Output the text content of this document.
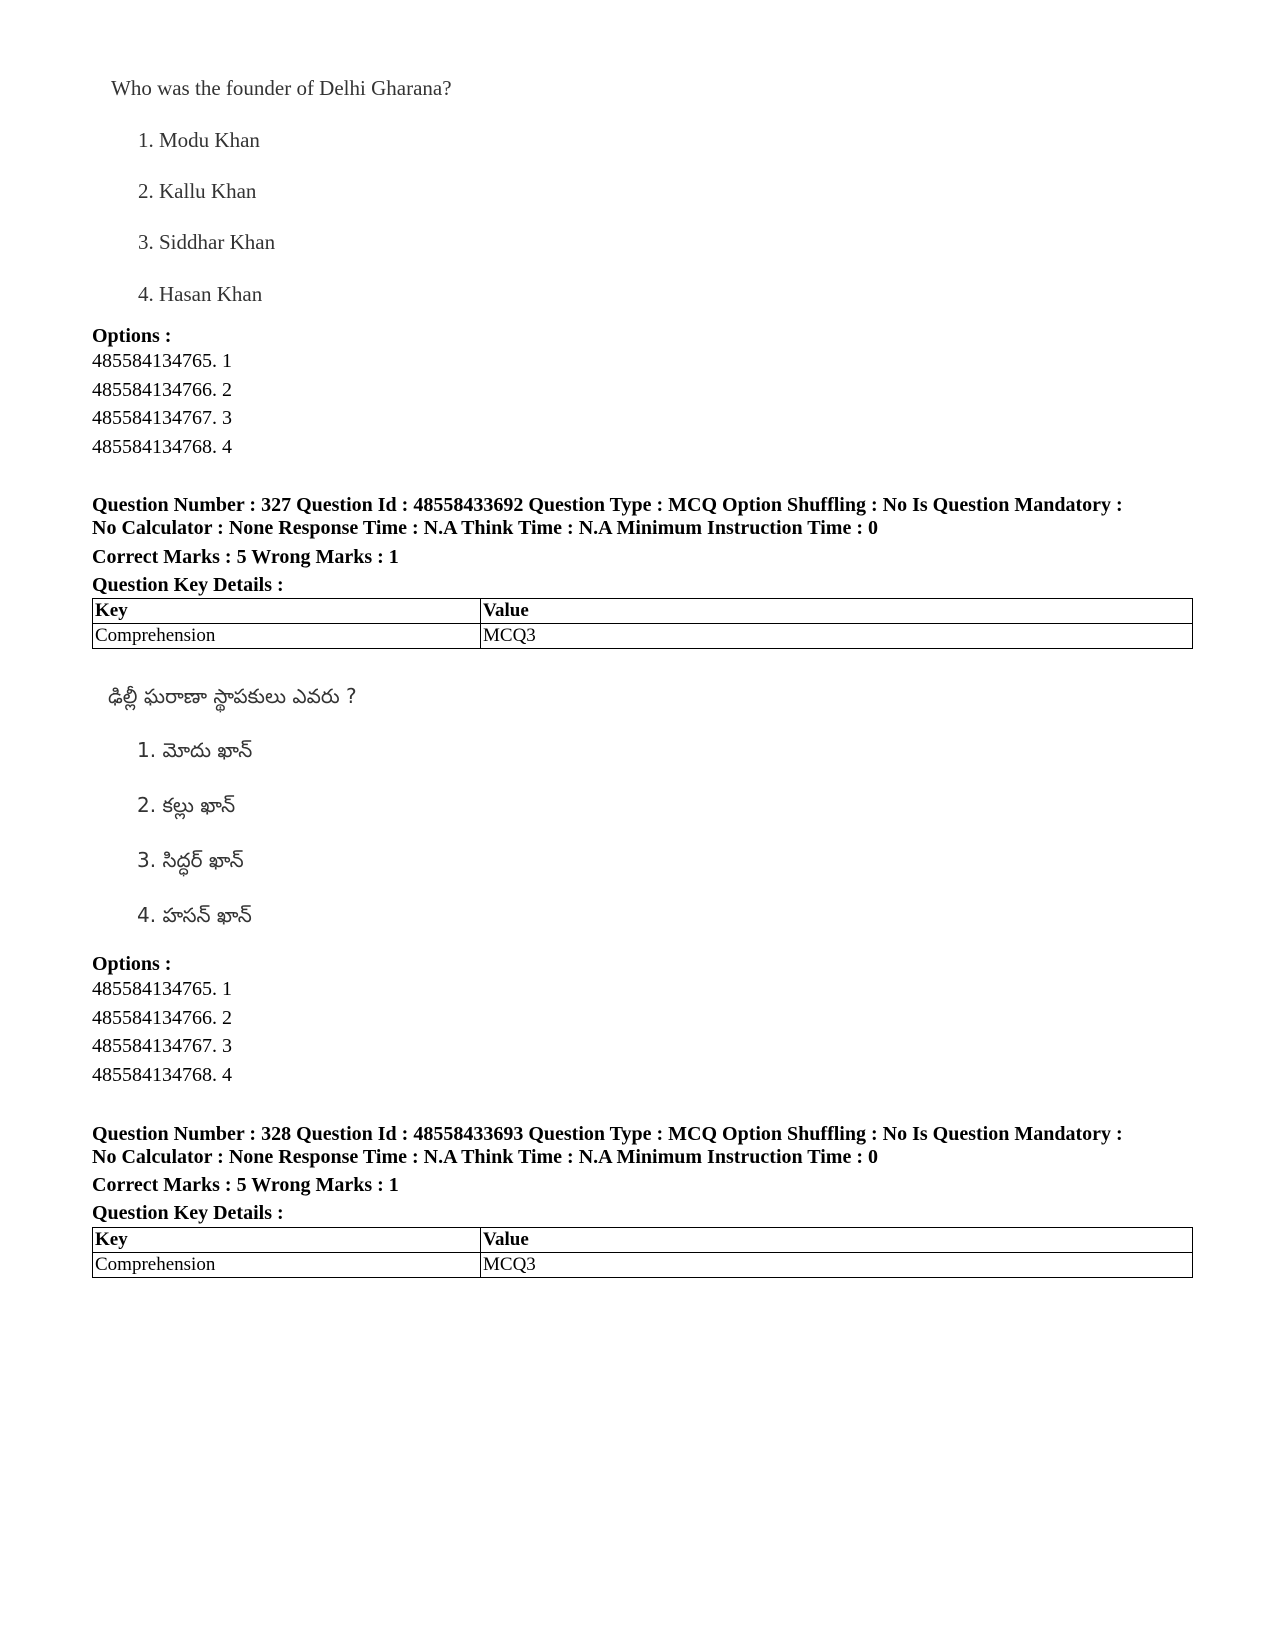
Who was the founder of Delhi Gharana?
1. Modu Khan
2. Kallu Khan
3. Siddhar Khan
4. Hasan Khan
Options :
485584134765. 1
485584134766. 2
485584134767. 3
485584134768. 4
Question Number : 327 Question Id : 48558433692 Question Type : MCQ Option Shuffling : No Is Question Mandatory :
No Calculator : None Response Time : N.A Think Time : N.A Minimum Instruction Time : 0
Correct Marks : 5 Wrong Marks : 1
Question Key Details :
Key	Value
Comprehension	MCQ3
ఢిల్లీ ఘరాణా స్థాపకులు ఎవరు ?
1. మోదు ఖాన్
2. కల్లు ఖాన్
3. సిద్ధర్ ఖాన్
4. హసన్ ఖాన్
Options :
485584134765. 1
485584134766. 2
485584134767. 3
485584134768. 4
Question Number : 328 Question Id : 48558433693 Question Type : MCQ Option Shuffling : No Is Question Mandatory :
No Calculator : None Response Time : N.A Think Time : N.A Minimum Instruction Time : 0
Correct Marks : 5 Wrong Marks : 1
Question Key Details :
Key	Value
Comprehension	MCQ3
